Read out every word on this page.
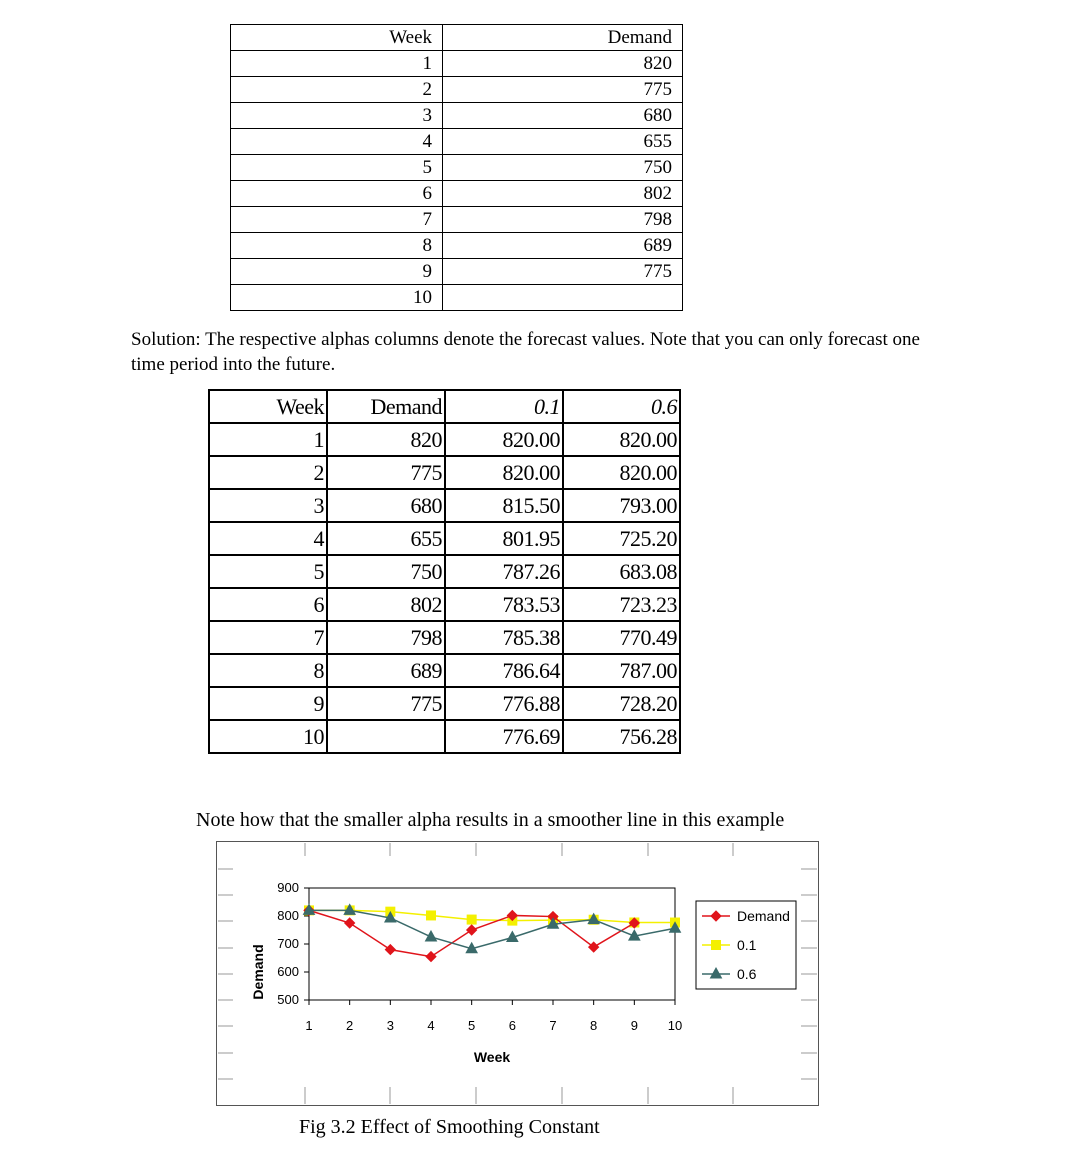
Week	Demand
1	820
2	775
3	680
4	655
5	750
6	802
7	798
8	689
9	775
10	
Solution: The respective alphas columns denote the forecast values. Note that you can only forecast one time period into the future.
Week	Demand	0.1	0.6
1	820	820.00	820.00
2	775	820.00	820.00
3	680	815.50	793.00
4	655	801.95	725.20
5	750	787.26	683.08
6	802	783.53	723.23
7	798	785.38	770.49
8	689	786.64	787.00
9	775	776.88	728.20
10		776.69	756.28
Note how that the smaller alpha results in a smoother line in this example
500
600
700
800
900
1	2	3	4	5	6	7	8	9 10
Week
Demand
Demand
0.1
0.6
Fig 3.2 Effect of Smoothing Constant
